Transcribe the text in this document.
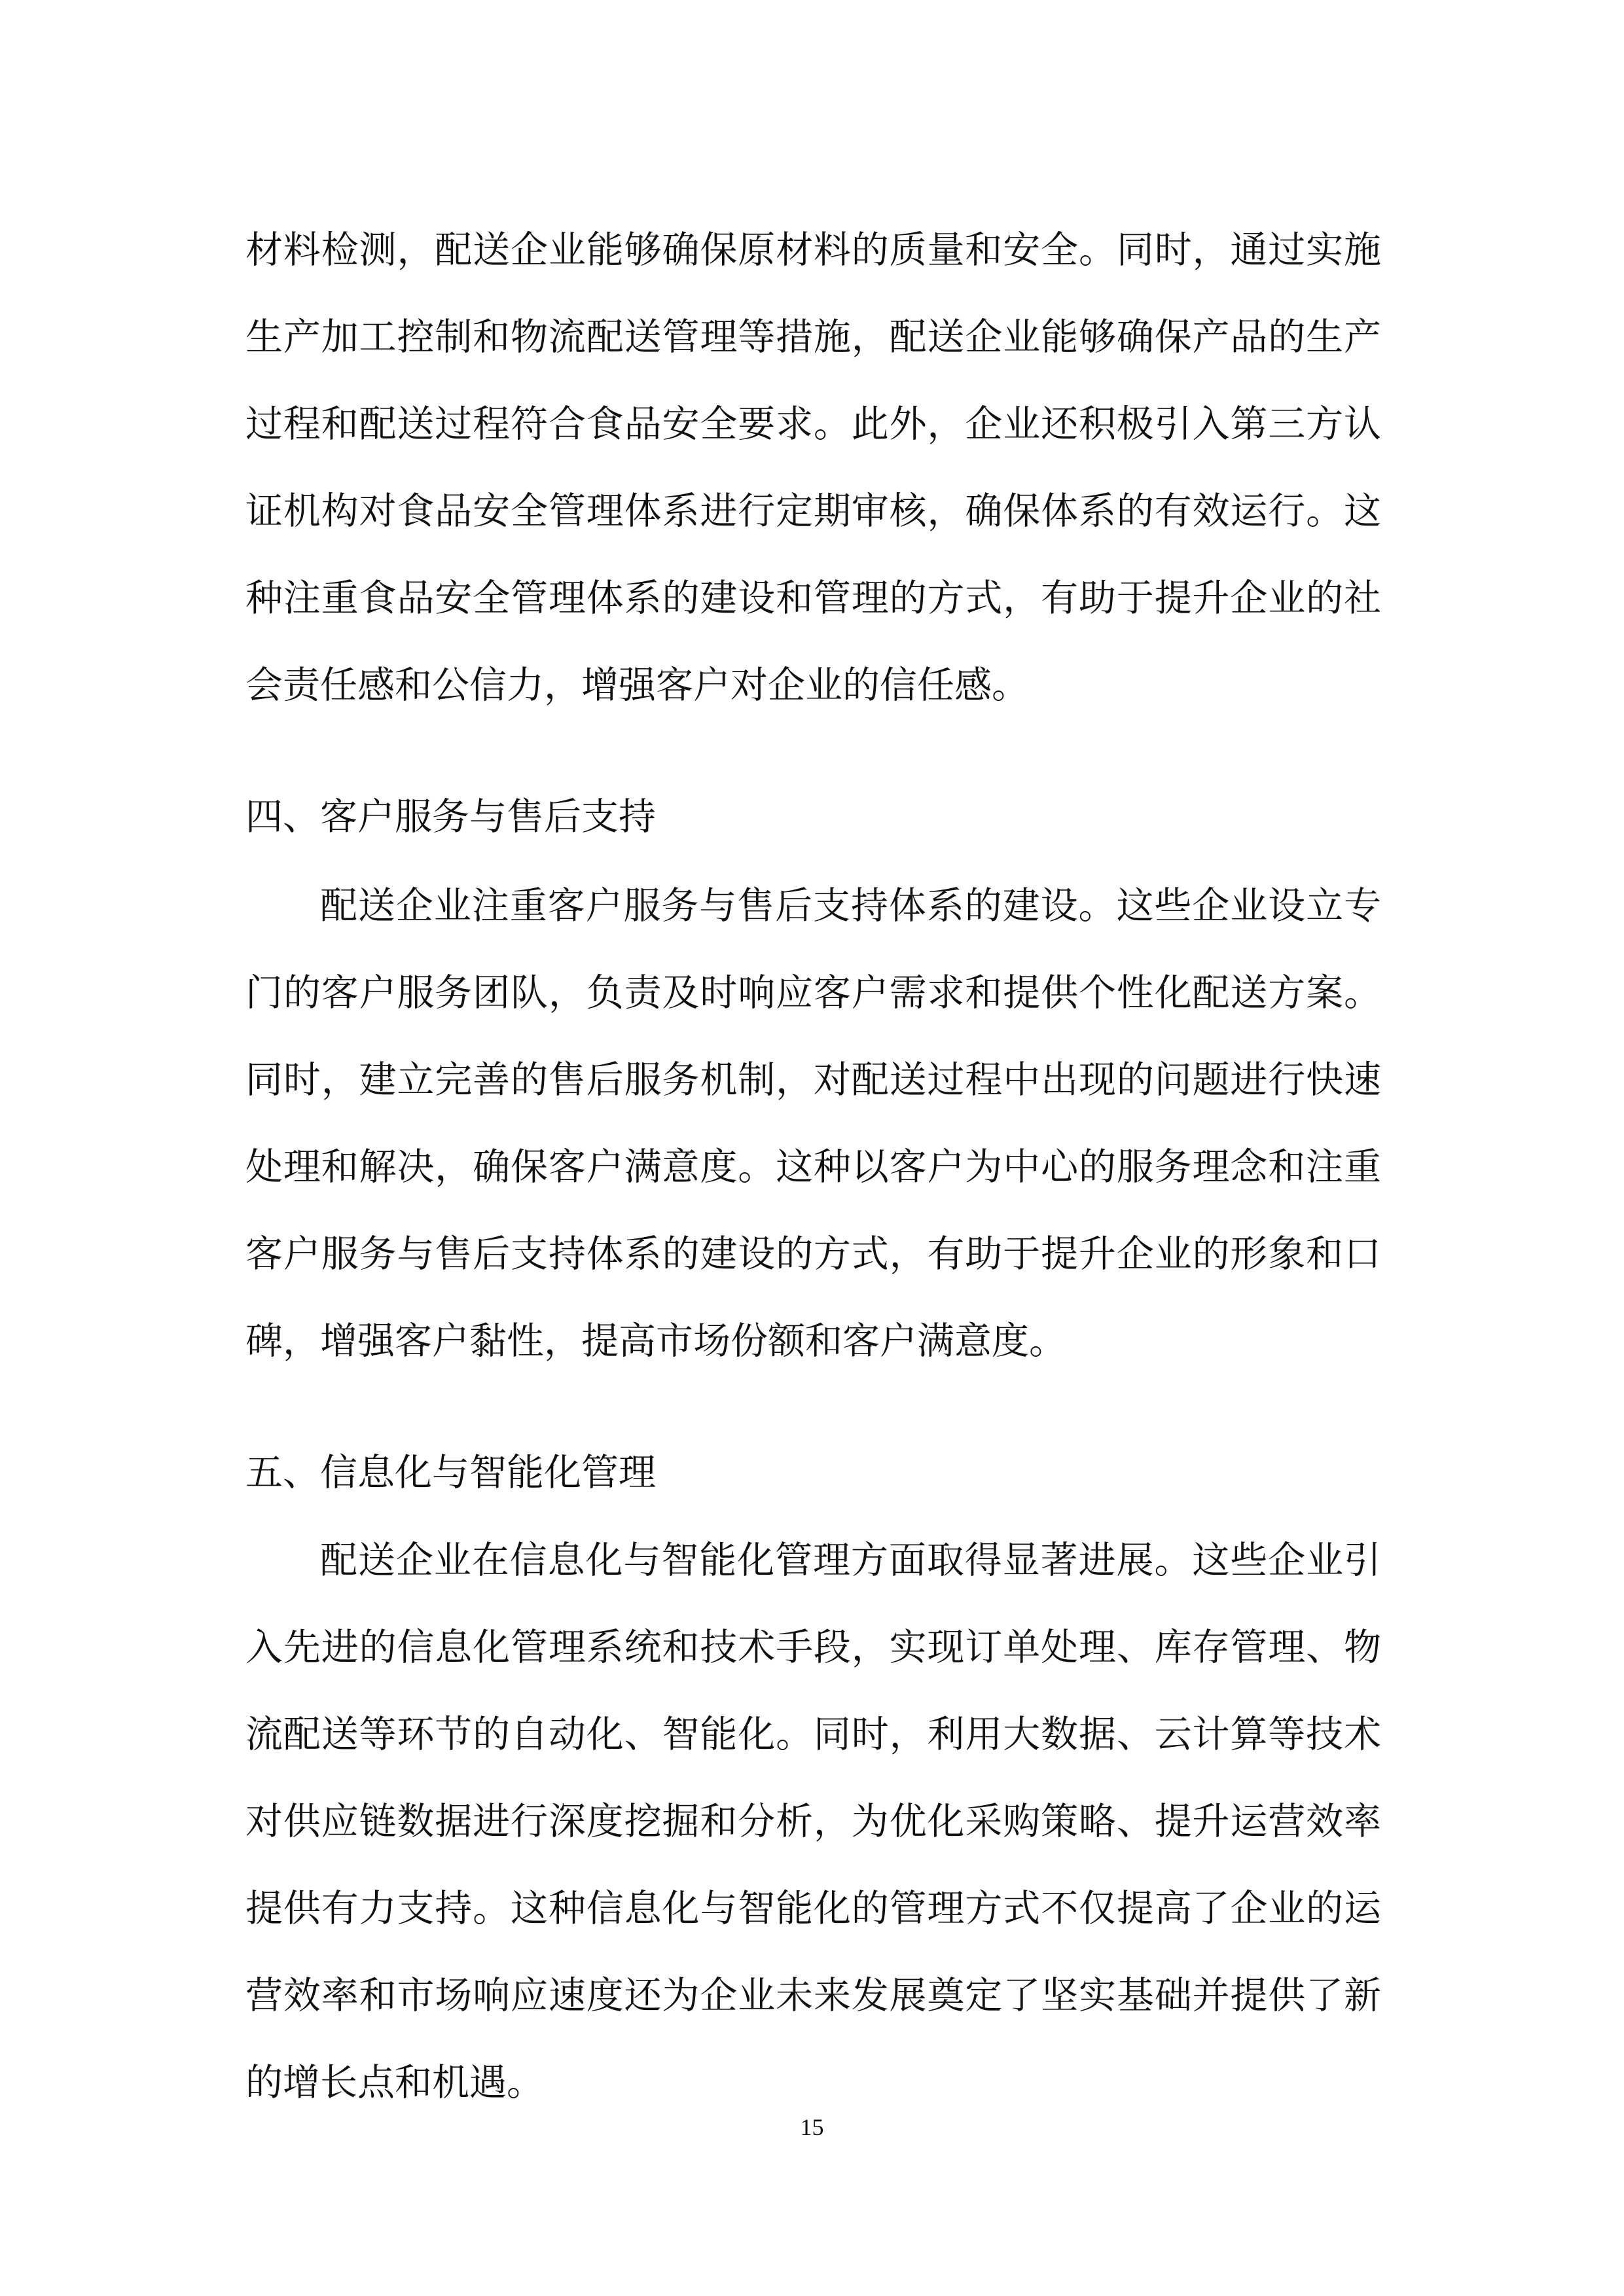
材料检测，配送企业能够确保原材料的质量和安全。同时，通过实施生产加工控制和物流配送管理等措施，配送企业能够确保产品的生产过程和配送过程符合食品安全要求。此外，企业还积极引入第三方认证机构对食品安全管理体系进行定期审核，确保体系的有效运行。这种注重食品安全管理体系的建设和管理的方式，有助于提升企业的社会责任感和公信力，增强客户对企业的信任感。

四、客户服务与售后支持

配送企业注重客户服务与售后支持体系的建设。这些企业设立专门的客户服务团队，负责及时响应客户需求和提供个性化配送方案。同时，建立完善的售后服务机制，对配送过程中出现的问题进行快速处理和解决，确保客户满意度。这种以客户为中心的服务理念和注重客户服务与售后支持体系的建设的方式，有助于提升企业的形象和口碑，增强客户黏性，提高市场份额和客户满意度。

五、信息化与智能化管理

配送企业在信息化与智能化管理方面取得显著进展。这些企业引入先进的信息化管理系统和技术手段，实现订单处理、库存管理、物流配送等环节的自动化、智能化。同时，利用大数据、云计算等技术对供应链数据进行深度挖掘和分析，为优化采购策略、提升运营效率提供有力支持。这种信息化与智能化的管理方式不仅提高了企业的运营效率和市场响应速度还为企业未来发展奠定了坚实基础并提供了新的增长点和机遇。

15
